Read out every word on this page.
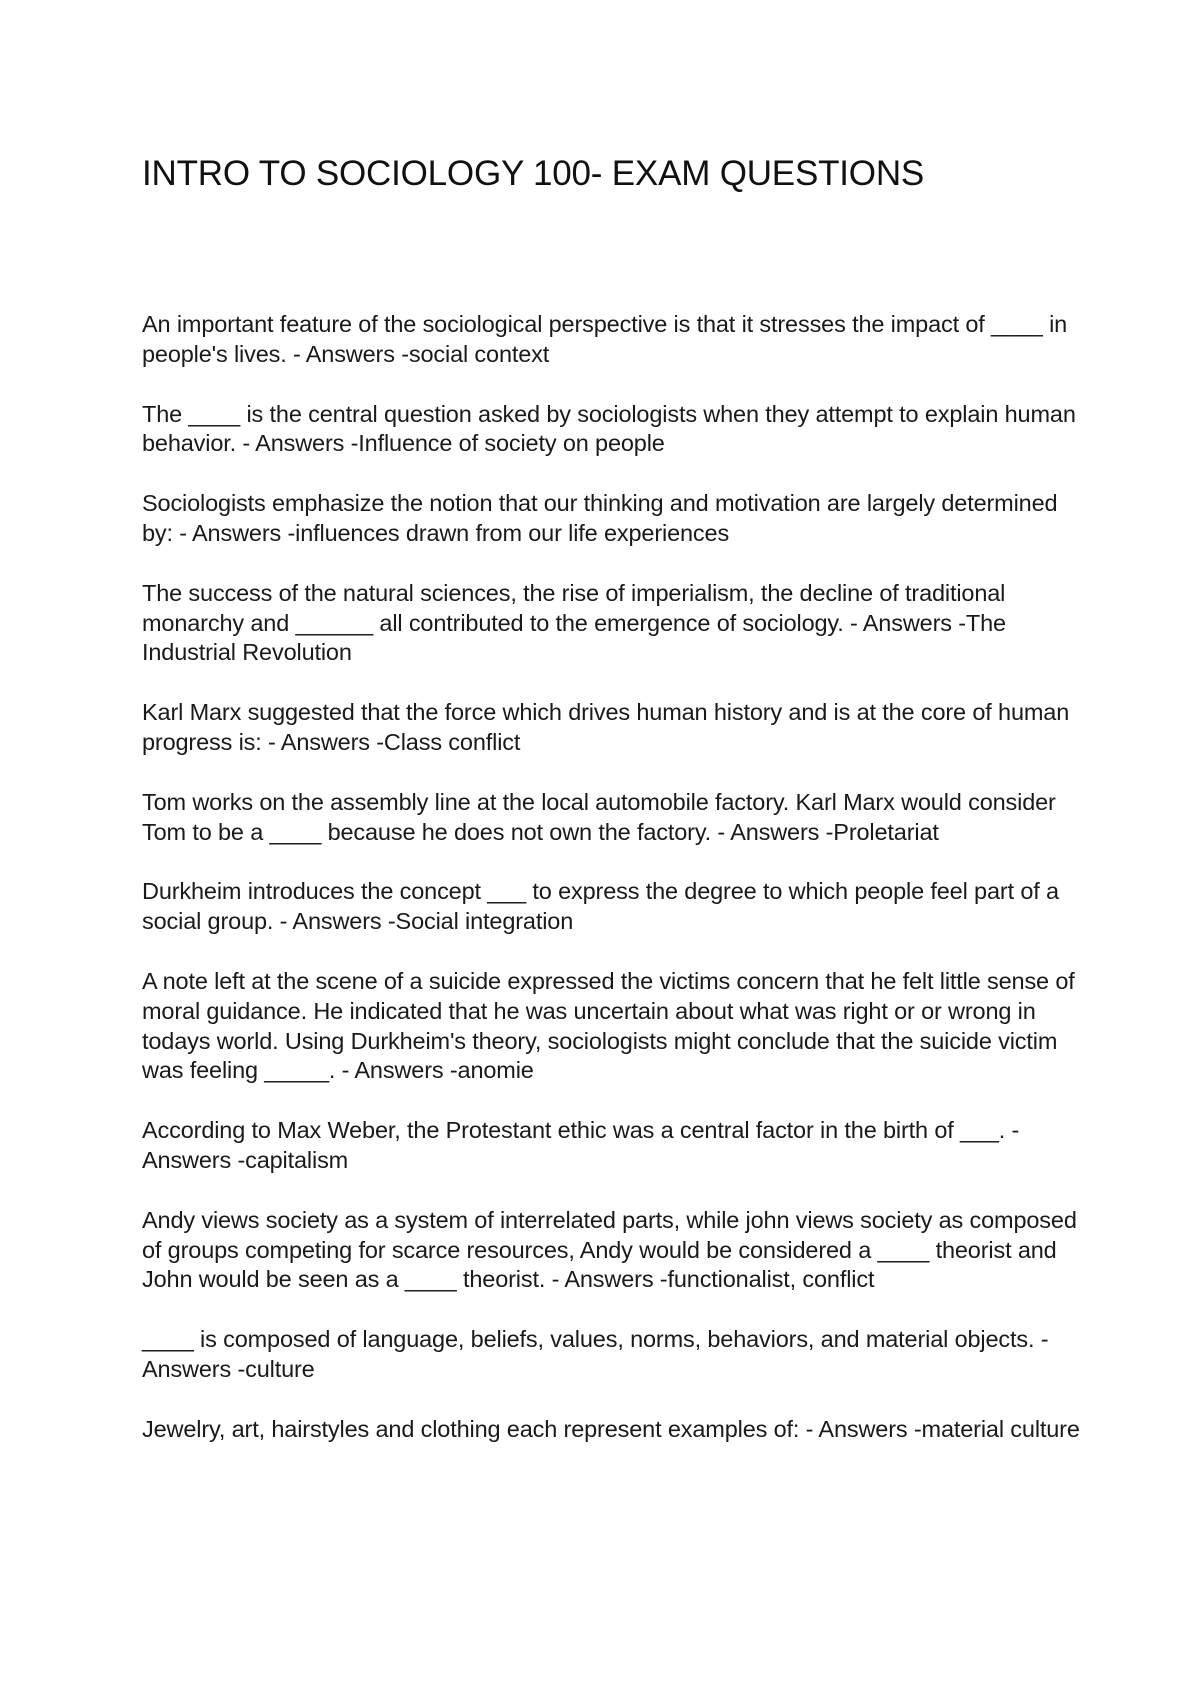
INTRO TO SOCIOLOGY 100- EXAM QUESTIONS
An important feature of the sociological perspective is that it stresses the impact of ____ in people's lives. - Answers -social context
The ____ is the central question asked by sociologists when they attempt to explain human behavior. - Answers -Influence of society on people
Sociologists emphasize the notion that our thinking and motivation are largely determined by: - Answers -influences drawn from our life experiences
The success of the natural sciences, the rise of imperialism, the decline of traditional monarchy and ______ all contributed to the emergence of sociology. - Answers -The Industrial Revolution
Karl Marx suggested that the force which drives human history and is at the core of human progress is: - Answers -Class conflict
Tom works on the assembly line at the local automobile factory. Karl Marx would consider Tom to be a ____ because he does not own the factory. - Answers -Proletariat
Durkheim introduces the concept ___ to express the degree to which people feel part of a social group. - Answers -Social integration
A note left at the scene of a suicide expressed the victims concern that he felt little sense of moral guidance. He indicated that he was uncertain about what was right or or wrong in todays world. Using Durkheim's theory, sociologists might conclude that the suicide victim was feeling _____. - Answers -anomie
According to Max Weber, the Protestant ethic was a central factor in the birth of ___. - Answers -capitalism
Andy views society as a system of interrelated parts, while john views society as composed of groups competing for scarce resources, Andy would be considered a ____ theorist and John would be seen as a ____ theorist. - Answers -functionalist, conflict
____ is composed of language, beliefs, values, norms, behaviors, and material objects. - Answers -culture
Jewelry, art, hairstyles and clothing each represent examples of: - Answers -material culture
